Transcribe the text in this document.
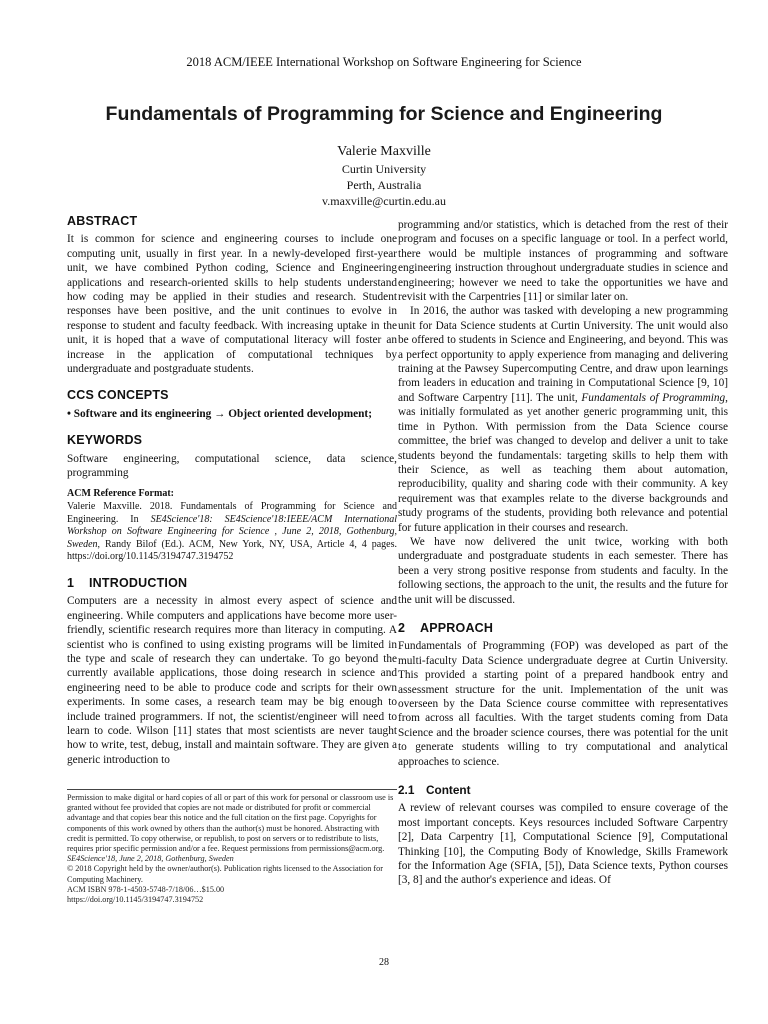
2018 ACM/IEEE International Workshop on Software Engineering for Science
Fundamentals of Programming for Science and Engineering
Valerie Maxville
Curtin University
Perth, Australia
v.maxville@curtin.edu.au
ABSTRACT

It is common for science and engineering courses to include one computing unit, usually in first year. In a newly-developed first-year unit, we have combined Python coding, Science and Engineering applications and research-oriented skills to help students understand how coding may be applied in their studies and research. Student responses have been positive, and the unit continues to evolve in response to student and faculty feedback. With increasing uptake in the unit, it is hoped that a wave of computational literacy will foster an increase in the application of computational techniques by undergraduate and postgraduate students.

CCS CONCEPTS

• Software and its engineering → Object oriented development;

KEYWORDS

Software engineering, computational science, data science, programming

ACM Reference Format:

Valerie Maxville. 2018. Fundamentals of Programming for Science and Engineering. In SE4Science'18: SE4Science'18:IEEE/ACM International Workshop on Software Engineering for Science , June 2, 2018, Gothenburg, Sweden, Randy Bilof (Ed.). ACM, New York, NY, USA, Article 4, 4 pages. https://doi.org/10.1145/3194747.3194752

1 INTRODUCTION

Computers are a necessity in almost every aspect of science and engineering. While computers and applications have become more user-friendly, scientific research requires more than literacy in computing. A scientist who is confined to using existing programs will be limited in the type and scale of research they can undertake. To go beyond the currently available applications, those doing research in science and engineering need to be able to produce code and scripts for their own experiments. In some cases, a research team may be big enough to include trained programmers. If not, the scientist/engineer will need to learn to code. Wilson [11] states that most scientists are never taught how to write, test, debug, install and maintain software. They are given a generic introduction to

Permission to make digital or hard copies of all or part of this work for personal or classroom use is granted without fee provided that copies are not made or distributed for profit or commercial advantage and that copies bear this notice and the full citation on the first page. Copyrights for components of this work owned by others than the author(s) must be honored. Abstracting with credit is permitted. To copy otherwise, or republish, to post on servers or to redistribute to lists, requires prior specific permission and/or a fee. Request permissions from permissions@acm.org.

SE4Science'18, June 2, 2018, Gothenburg, Sweden

© 2018 Copyright held by the owner/author(s). Publication rights licensed to the Association for Computing Machinery.

ACM ISBN 978-1-4503-5748-7/18/06…$15.00

https://doi.org/10.1145/3194747.3194752

programming and/or statistics, which is detached from the rest of their program and focuses on a specific language or tool. In a perfect world, there would be multiple instances of programming and software engineering instruction throughout undergraduate studies in science and engineering; however we need to take the opportunities we have and revisit with the Carpentries [11] or similar later on.

In 2016, the author was tasked with developing a new programming unit for Data Science students at Curtin University. The unit would also be offered to students in Science and Engineering, and beyond. This was a perfect opportunity to apply experience from managing and delivering training at the Pawsey Supercomputing Centre, and draw upon learnings from leaders in education and training in Computational Science [9, 10] and Software Carpentry [11]. The unit, Fundamentals of Programming, was initially formulated as yet another generic programming unit, this time in Python. With permission from the Data Science course committee, the brief was changed to develop and deliver a unit to take students beyond the fundamentals: targeting skills to help them with their Science, as well as teaching them about automation, reproducibility, quality and sharing code with their community. A key requirement was that examples relate to the diverse backgrounds and study programs of the students, providing both relevance and potential for future application in their courses and research.

We have now delivered the unit twice, working with both undergraduate and postgraduate students in each semester. There has been a very strong positive response from students and faculty. In the following sections, the approach to the unit, the results and the future for the unit will be discussed.

2 APPROACH

Fundamentals of Programming (FOP) was developed as part of the multi-faculty Data Science undergraduate degree at Curtin University. This provided a starting point of a prepared handbook entry and assessment structure for the unit. Implementation of the unit was overseen by the Data Science course committee with representatives from across all faculties. With the target students coming from Data Science and the broader science courses, there was potential for the unit to generate students willing to try computational and analytical approaches to science.

2.1 Content

A review of relevant courses was compiled to ensure coverage of the most important concepts. Keys resources included Software Carpentry [2], Data Carpentry [1], Computational Science [9], Computational Thinking [10], the Computing Body of Knowledge, Skills Framework for the Information Age (SFIA, [5]), Data Science texts, Python courses [3, 8] and the author's experience and ideas. Of

28
